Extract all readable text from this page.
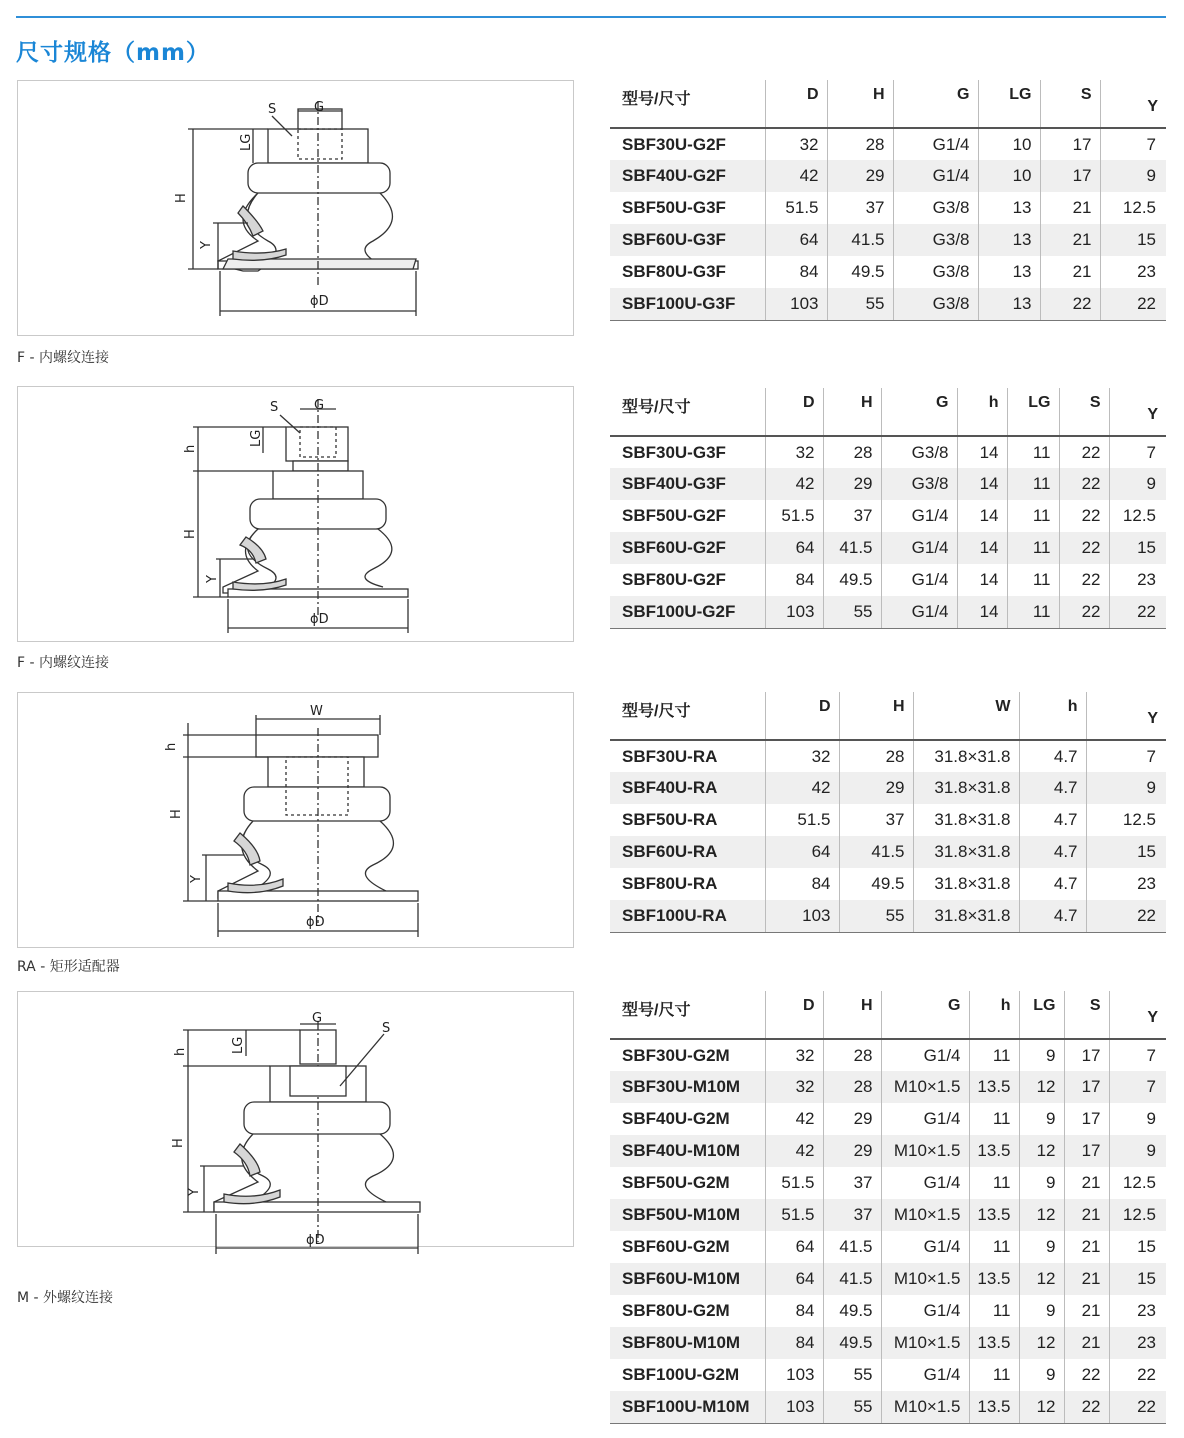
尺寸规格（mm）
S	G
LG
H
Y
ϕD
F - 内螺纹连接
型号/尺寸	D	H	G	LG	S	Y
SBF30U-G2F	32	28	G1/4	10	17	7
SBF40U-G2F	42	29	G1/4	10	17	9
SBF50U-G3F	51.5	37	G3/8	13	21	12.5
SBF60U-G3F	64	41.5	G3/8	13	21	15
SBF80U-G3F	84	49.5	G3/8	13	21	23
SBF100U-G3F	103	55	G3/8	13	22	22
S	G
LG
h
H
Y
ϕD
F - 内螺纹连接
型号/尺寸	D	H	G	h	LG	S	Y
SBF30U-G3F	32	28	G3/8	14	11	22	7
SBF40U-G3F	42	29	G3/8	14	11	22	9
SBF50U-G2F	51.5	37	G1/4	14	11	22	12.5
SBF60U-G2F	64	41.5	G1/4	14	11	22	15
SBF80U-G2F	84	49.5	G1/4	14	11	22	23
SBF100U-G2F	103	55	G1/4	14	11	22	22
W
h
H
Y
ϕD
RA - 矩形适配器
型号/尺寸	D	H	W	h	Y
SBF30U-RA	32	28	31.8×31.8	4.7	7
SBF40U-RA	42	29	31.8×31.8	4.7	9
SBF50U-RA	51.5	37	31.8×31.8	4.7	12.5
SBF60U-RA	64	41.5	31.8×31.8	4.7	15
SBF80U-RA	84	49.5	31.8×31.8	4.7	23
SBF100U-RA	103	55	31.8×31.8	4.7	22
G
S
LG
h
H
Y
ϕD
M - 外螺纹连接
型号/尺寸	D	H	G	h	LG	S	Y
SBF30U-G2M	32	28	G1/4	11	9	17	7
SBF30U-M10M	32	28	M10×1.5	13.5	12	17	7
SBF40U-G2M	42	29	G1/4	11	9	17	9
SBF40U-M10M	42	29	M10×1.5	13.5	12	17	9
SBF50U-G2M	51.5	37	G1/4	11	9	21	12.5
SBF50U-M10M	51.5	37	M10×1.5	13.5	12	21	12.5
SBF60U-G2M	64	41.5	G1/4	11	9	21	15
SBF60U-M10M	64	41.5	M10×1.5	13.5	12	21	15
SBF80U-G2M	84	49.5	G1/4	11	9	21	23
SBF80U-M10M	84	49.5	M10×1.5	13.5	12	21	23
SBF100U-G2M	103	55	G1/4	11	9	22	22
SBF100U-M10M	103	55	M10×1.5	13.5	12	22	22
